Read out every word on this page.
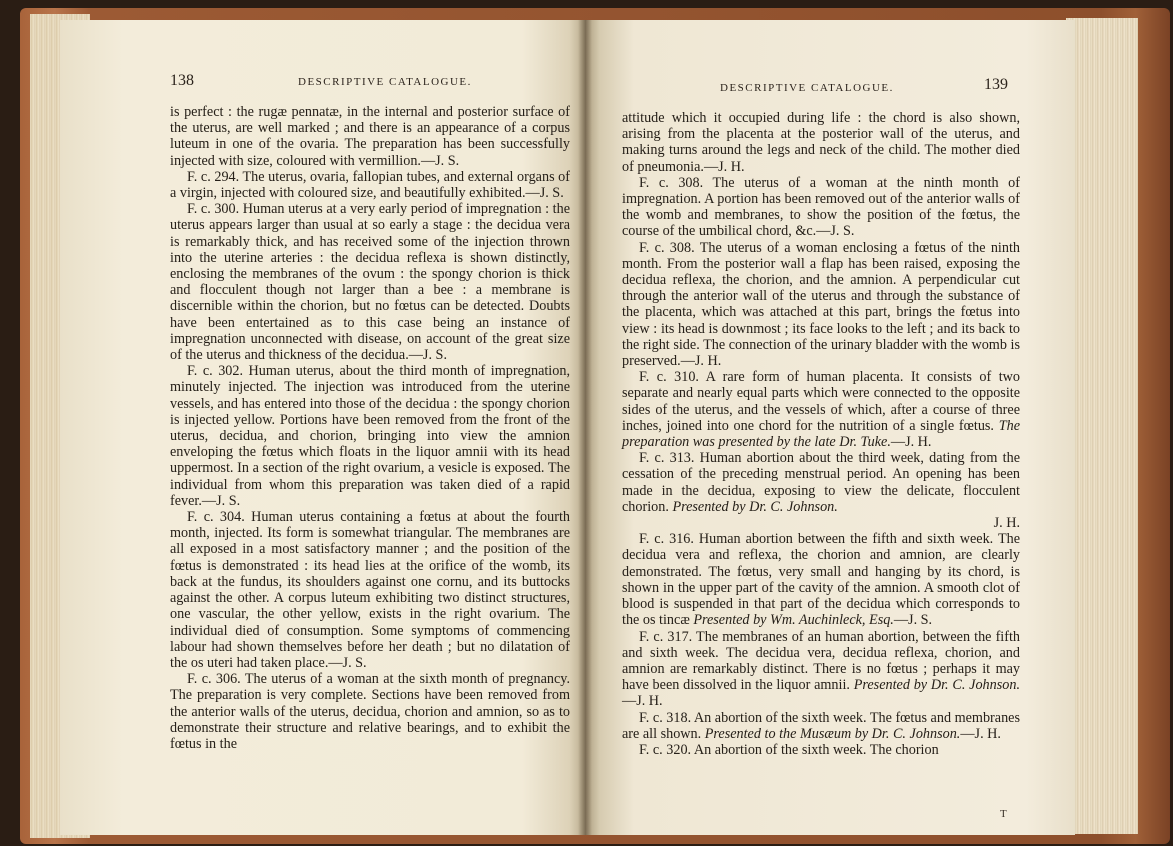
138	DESCRIPTIVE CATALOGUE.

is perfect : the rugæ pennatæ, in the internal and posterior surface of the uterus, are well marked ; and there is an appearance of a corpus luteum in one of the ovaria. The preparation has been successfully injected with size, coloured with vermillion.—J. S.

F. c. 294. The uterus, ovaria, fallopian tubes, and external organs of a virgin, injected with coloured size, and beautifully exhibited.—J. S.

F. c. 300. Human uterus at a very early period of impregnation : the uterus appears larger than usual at so early a stage : the decidua vera is remarkably thick, and has received some of the injection thrown into the uterine arteries : the decidua reflexa is shown distinctly, enclosing the membranes of the ovum : the spongy chorion is thick and flocculent though not larger than a bee : a membrane is discernible within the chorion, but no fœtus can be detected. Doubts have been entertained as to this case being an instance of impregnation unconnected with disease, on account of the great size of the uterus and thickness of the decidua.—J. S.

F. c. 302. Human uterus, about the third month of impregnation, minutely injected. The injection was introduced from the uterine vessels, and has entered into those of the decidua : the spongy chorion is injected yellow. Portions have been removed from the front of the uterus, decidua, and chorion, bringing into view the amnion enveloping the fœtus which floats in the liquor amnii with its head uppermost. In a section of the right ovarium, a vesicle is exposed. The individual from whom this preparation was taken died of a rapid fever.—J. S.

F. c. 304. Human uterus containing a fœtus at about the fourth month, injected. Its form is somewhat triangular. The membranes are all exposed in a most satisfactory manner ; and the position of the fœtus is demonstrated : its head lies at the orifice of the womb, its back at the fundus, its shoulders against one cornu, and its buttocks against the other. A corpus luteum exhibiting two distinct structures, one vascular, the other yellow, exists in the right ovarium. The individual died of consumption. Some symptoms of commencing labour had shown themselves before her death ; but no dilatation of the os uteri had taken place.—J. S.

F. c. 306. The uterus of a woman at the sixth month of pregnancy. The preparation is very complete. Sections have been removed from the anterior walls of the uterus, decidua, chorion and amnion, so as to demonstrate their structure and relative bearings, and to exhibit the fœtus in the

DESCRIPTIVE CATALOGUE.	139

attitude which it occupied during life : the chord is also shown, arising from the placenta at the posterior wall of the uterus, and making turns around the legs and neck of the child. The mother died of pneumonia.—J. H.

F. c. 308. The uterus of a woman at the ninth month of impregnation. A portion has been removed out of the anterior walls of the womb and membranes, to show the position of the fœtus, the course of the umbilical chord, &c.—J. S.

F. c. 308. The uterus of a woman enclosing a fœtus of the ninth month. From the posterior wall a flap has been raised, exposing the decidua reflexa, the chorion, and the amnion. A perpendicular cut through the anterior wall of the uterus and through the substance of the placenta, which was attached at this part, brings the fœtus into view : its head is downmost ; its face looks to the left ; and its back to the right side. The connection of the urinary bladder with the womb is preserved.—J. H.

F. c. 310. A rare form of human placenta. It consists of two separate and nearly equal parts which were connected to the opposite sides of the uterus, and the vessels of which, after a course of three inches, joined into one chord for the nutrition of a single fœtus. The preparation was presented by the late Dr. Tuke.—J. H.

F. c. 313. Human abortion about the third week, dating from the cessation of the preceding menstrual period. An opening has been made in the decidua, exposing to view the delicate, flocculent chorion. Presented by Dr. C. Johnson.
J. H.

F. c. 316. Human abortion between the fifth and sixth week. The decidua vera and reflexa, the chorion and amnion, are clearly demonstrated. The fœtus, very small and hanging by its chord, is shown in the upper part of the cavity of the amnion. A smooth clot of blood is suspended in that part of the decidua which corresponds to the os tincæ Presented by Wm. Auchinleck, Esq.—J. S.

F. c. 317. The membranes of an human abortion, between the fifth and sixth week. The decidua vera, decidua reflexa, chorion, and amnion are remarkably distinct. There is no fœtus ; perhaps it may have been dissolved in the liquor amnii. Presented by Dr. C. Johnson.—J. H.

F. c. 318. An abortion of the sixth week. The fœtus and membranes are all shown. Presented to the Musæum by Dr. C. Johnson.—J. H.

F. c. 320. An abortion of the sixth week. The chorion

T
